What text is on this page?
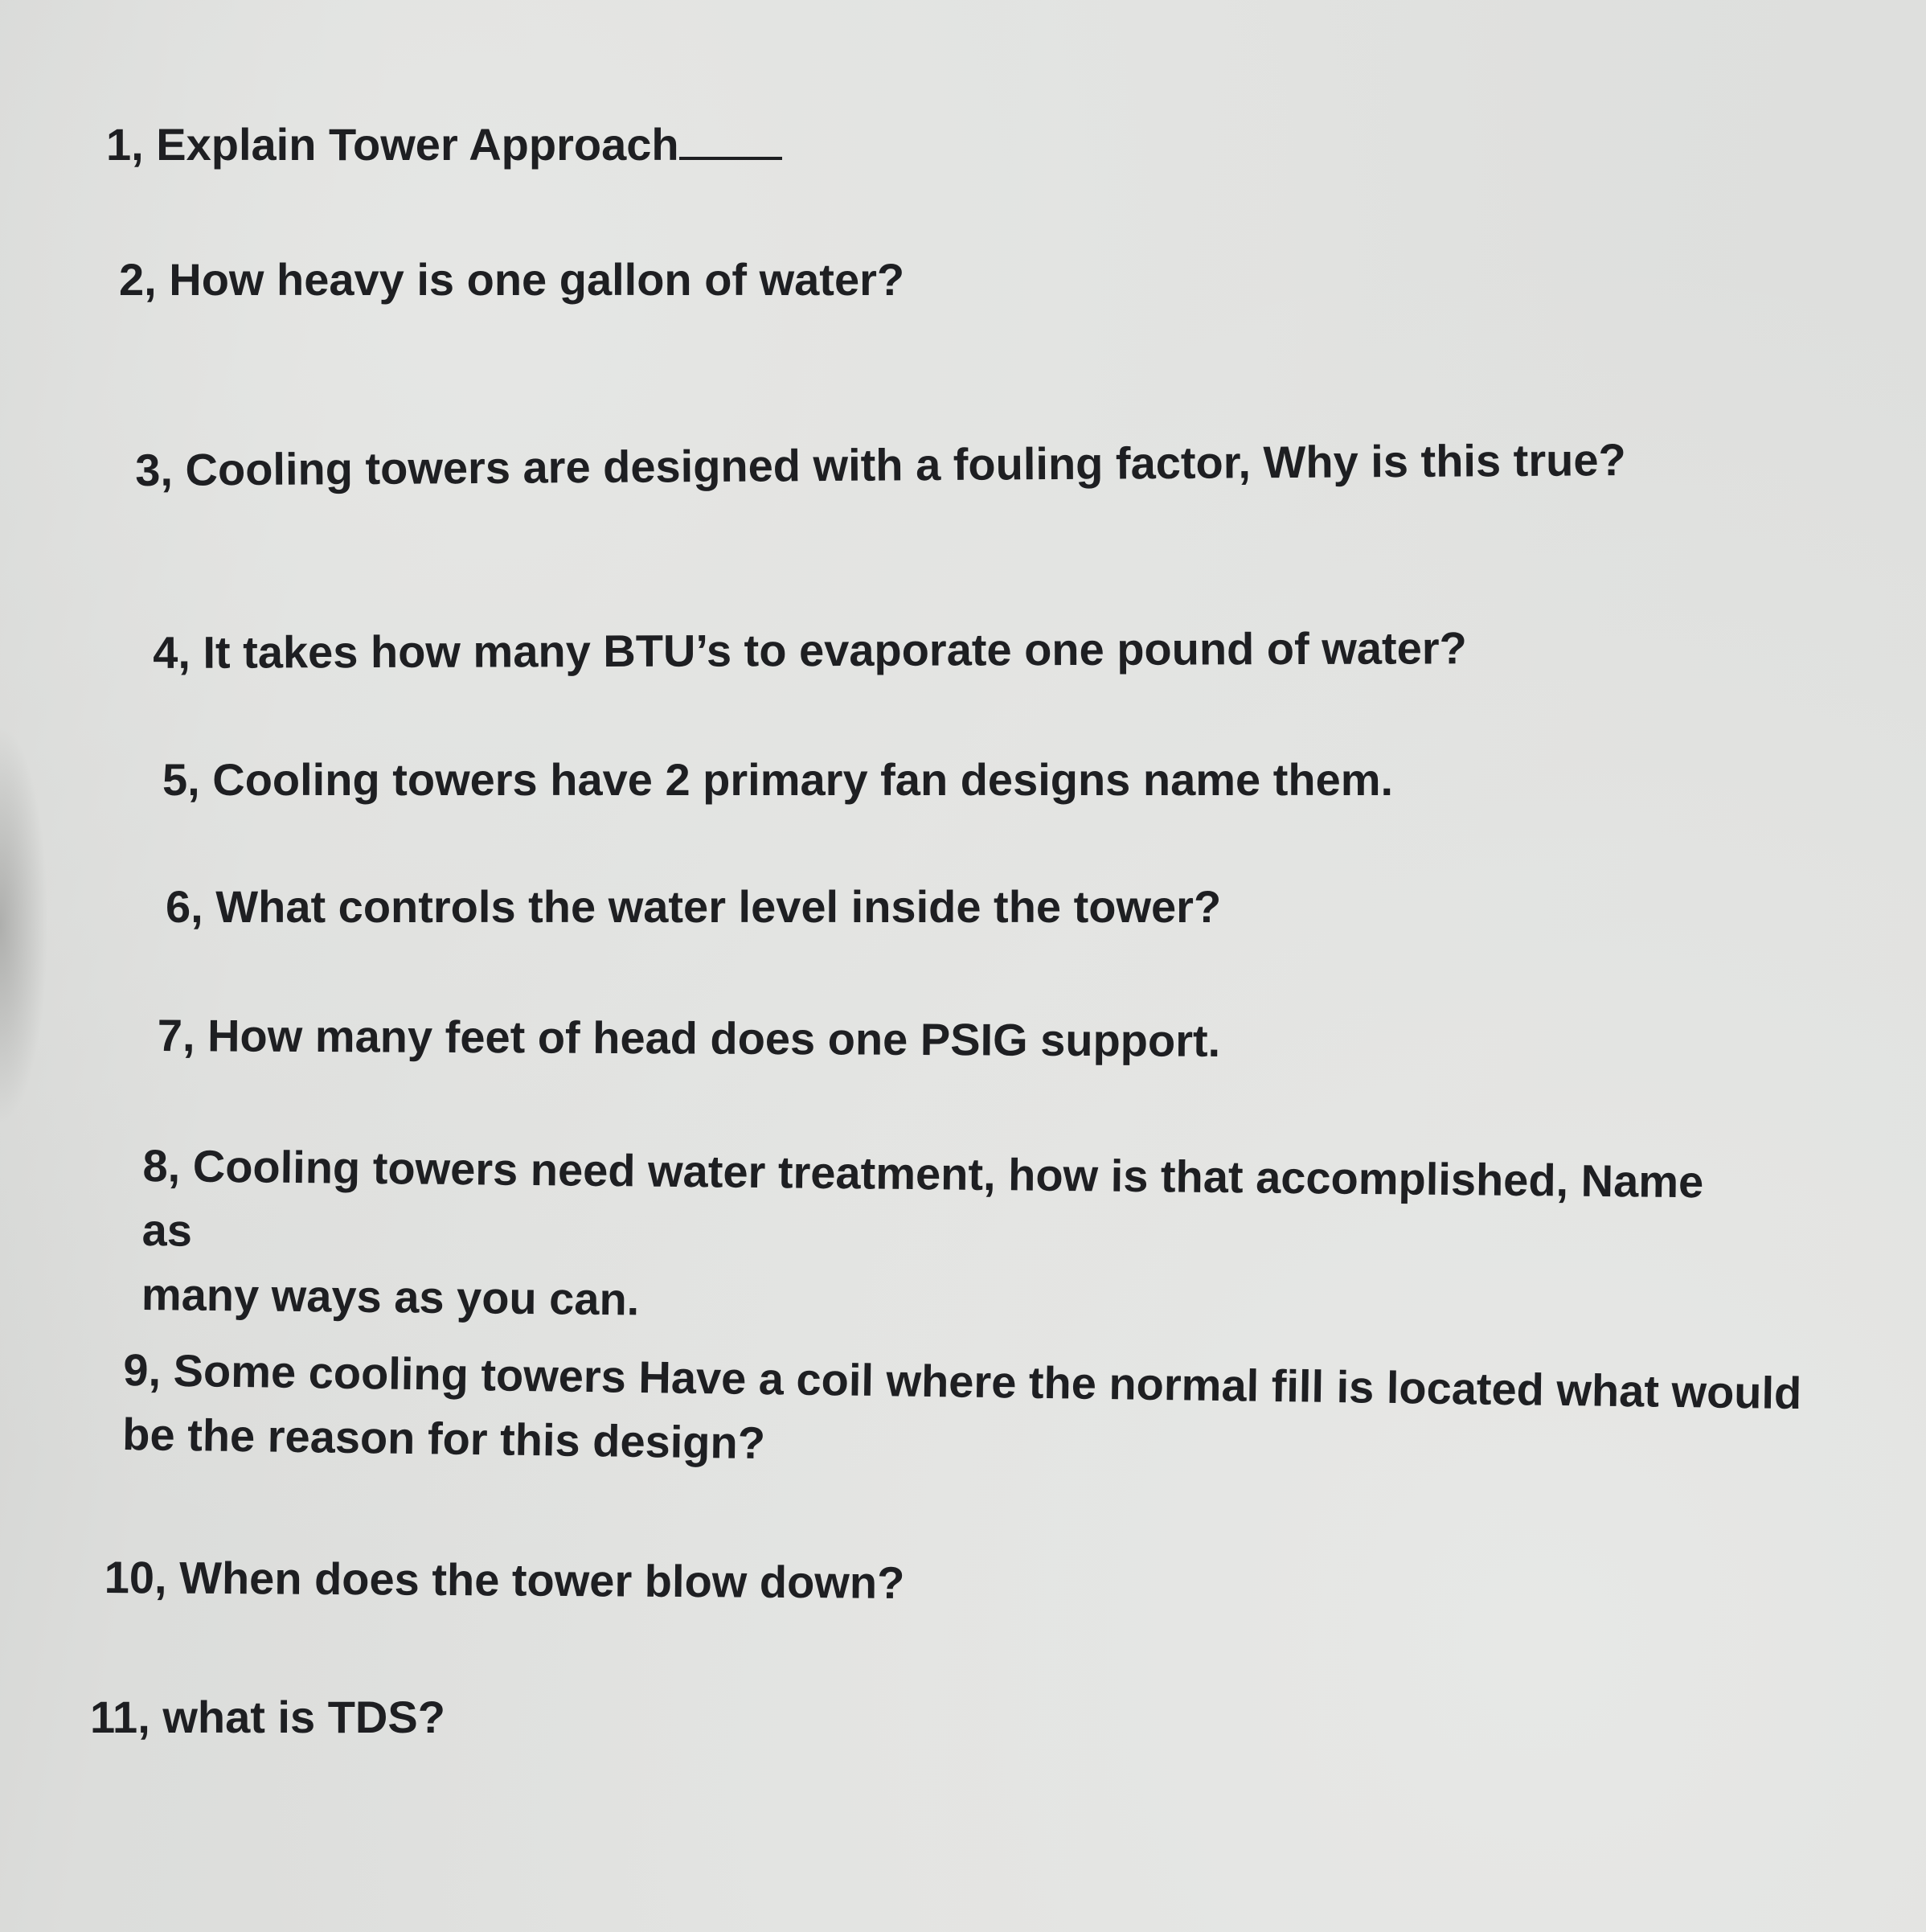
1, Explain Tower Approach

2, How heavy is one gallon of water?

3, Cooling towers are designed with a fouling factor, Why is this true?

4, It takes how many BTU’s to evaporate one pound of water?

5, Cooling towers have 2 primary fan designs name them.

6, What controls the water level inside the tower?

7, How many feet of head does one PSIG support.

8, Cooling towers need water treatment, how is that accomplished, Name as
many ways as you can.
9, Some cooling towers Have a coil where the normal fill is located what would
be the reason for this design?

10, When does the tower blow down?

11, what is TDS?
